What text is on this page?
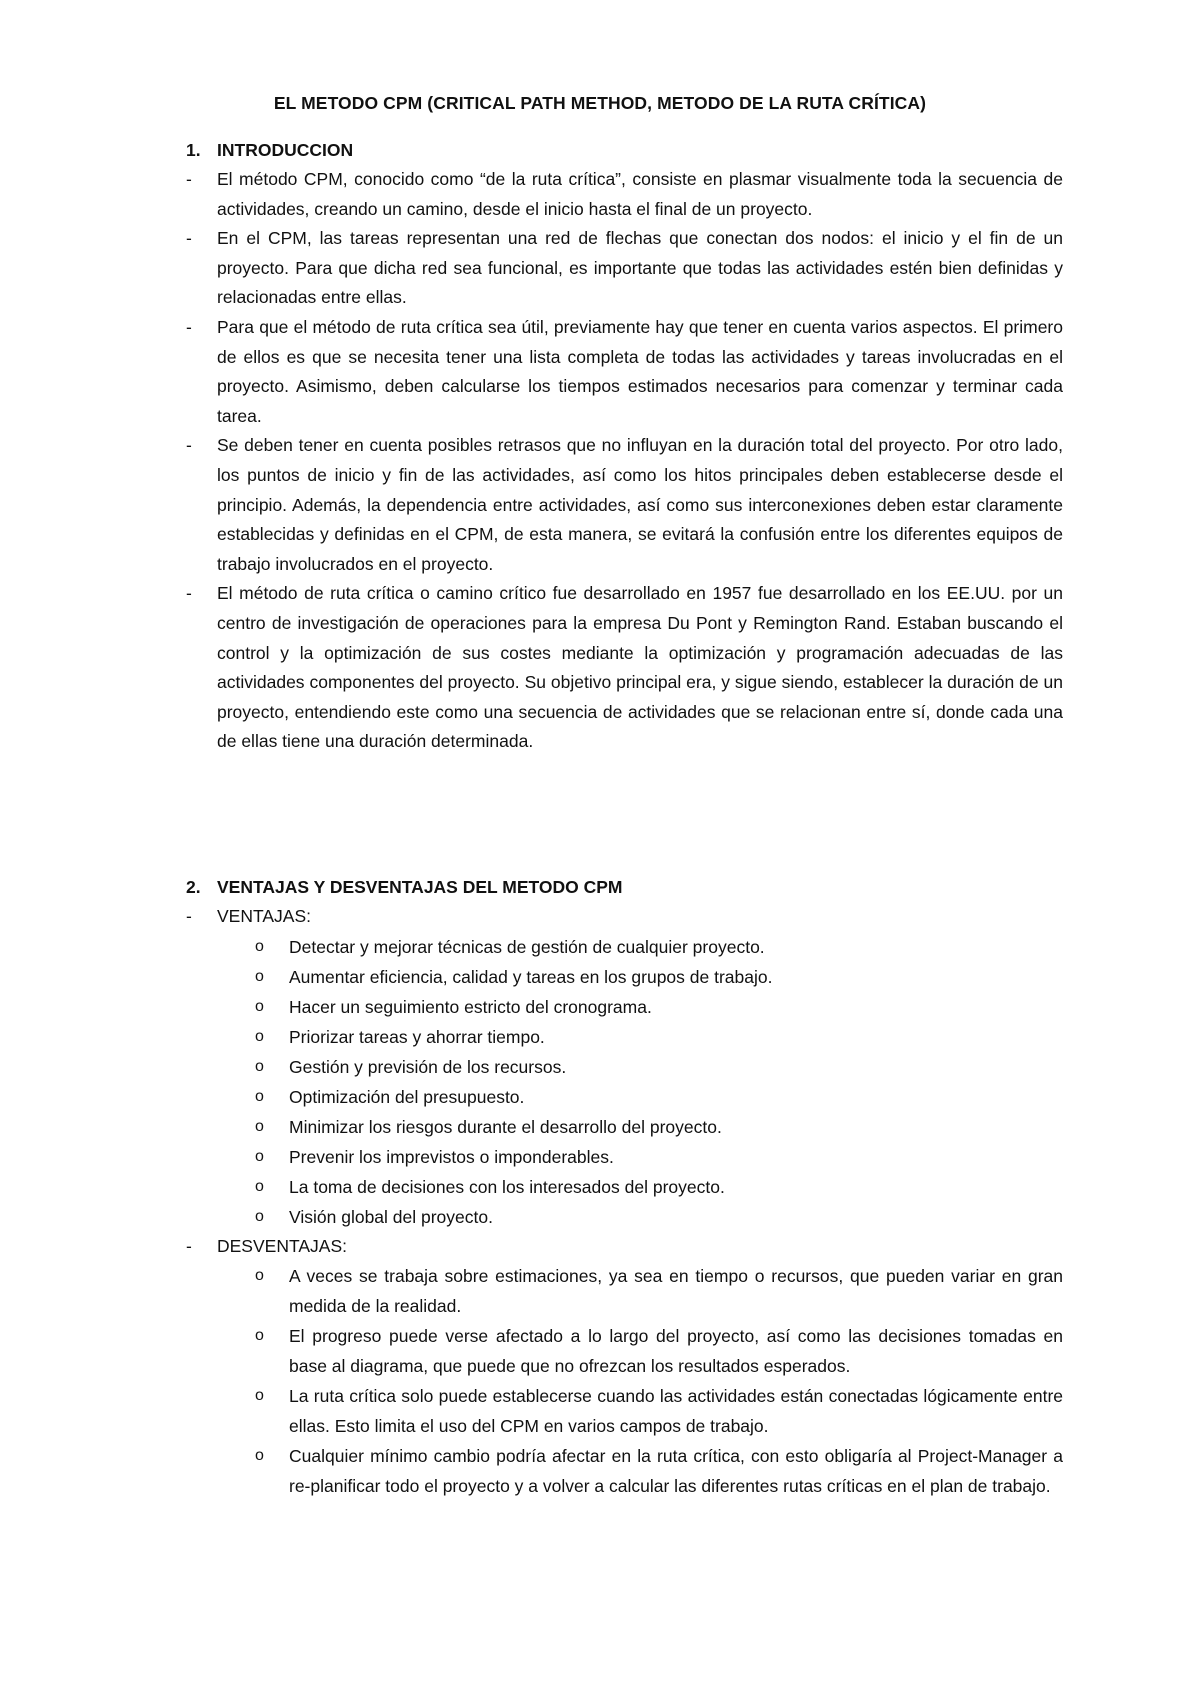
EL METODO CPM (CRITICAL PATH METHOD, METODO DE LA RUTA CRÍTICA)
1. INTRODUCCION
- El método CPM, conocido como “de la ruta crítica”, consiste en plasmar visualmente toda la secuencia de actividades, creando un camino, desde el inicio hasta el final de un proyecto.
- En el CPM, las tareas representan una red de flechas que conectan dos nodos: el inicio y el fin de un proyecto. Para que dicha red sea funcional, es importante que todas las actividades estén bien definidas y relacionadas entre ellas.
- Para que el método de ruta crítica sea útil, previamente hay que tener en cuenta varios aspectos. El primero de ellos es que se necesita tener una lista completa de todas las actividades y tareas involucradas en el proyecto. Asimismo, deben calcularse los tiempos estimados necesarios para comenzar y terminar cada tarea.
- Se deben tener en cuenta posibles retrasos que no influyan en la duración total del proyecto. Por otro lado, los puntos de inicio y fin de las actividades, así como los hitos principales deben establecerse desde el principio. Además, la dependencia entre actividades, así como sus interconexiones deben estar claramente establecidas y definidas en el CPM, de esta manera, se evitará la confusión entre los diferentes equipos de trabajo involucrados en el proyecto.
- El método de ruta crítica o camino crítico fue desarrollado en 1957 fue desarrollado en los EE.UU. por un centro de investigación de operaciones para la empresa Du Pont y Remington Rand. Estaban buscando el control y la optimización de sus costes mediante la optimización y programación adecuadas de las actividades componentes del proyecto. Su objetivo principal era, y sigue siendo, establecer la duración de un proyecto, entendiendo este como una secuencia de actividades que se relacionan entre sí, donde cada una de ellas tiene una duración determinada.
2. VENTAJAS Y DESVENTAJAS DEL METODO CPM
- VENTAJAS:
o Detectar y mejorar técnicas de gestión de cualquier proyecto.
o Aumentar eficiencia, calidad y tareas en los grupos de trabajo.
o Hacer un seguimiento estricto del cronograma.
o Priorizar tareas y ahorrar tiempo.
o Gestión y previsión de los recursos.
o Optimización del presupuesto.
o Minimizar los riesgos durante el desarrollo del proyecto.
o Prevenir los imprevistos o imponderables.
o La toma de decisiones con los interesados del proyecto.
o Visión global del proyecto.
- DESVENTAJAS:
o A veces se trabaja sobre estimaciones, ya sea en tiempo o recursos, que pueden variar en gran medida de la realidad.
o El progreso puede verse afectado a lo largo del proyecto, así como las decisiones tomadas en base al diagrama, que puede que no ofrezcan los resultados esperados.
o La ruta crítica solo puede establecerse cuando las actividades están conectadas lógicamente entre ellas. Esto limita el uso del CPM en varios campos de trabajo.
o Cualquier mínimo cambio podría afectar en la ruta crítica, con esto obligaría al Project-Manager a re-planificar todo el proyecto y a volver a calcular las diferentes rutas críticas en el plan de trabajo.
